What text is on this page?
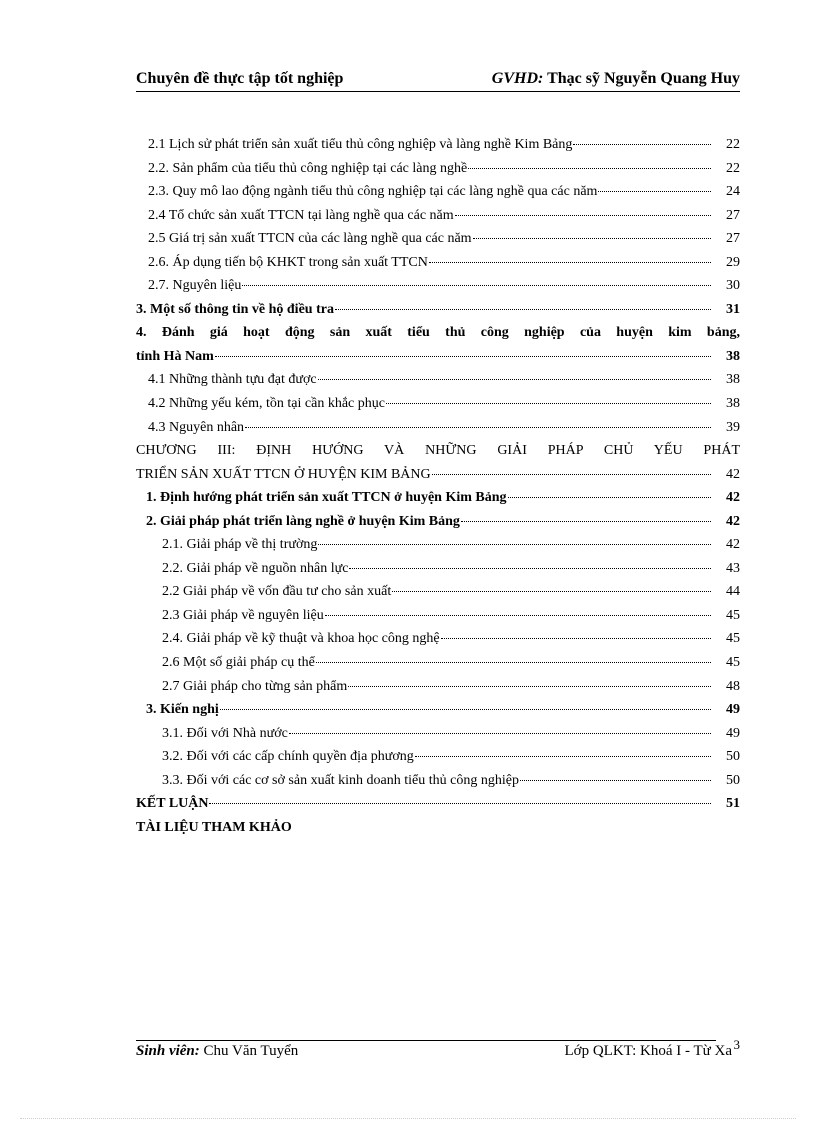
Chuyên đề thực tập tốt nghiệp	GVHD: Thạc sỹ Nguyễn Quang Huy
2.1 Lịch sử phát triển sản xuất tiểu thủ công nghiệp và làng nghề Kim Bảng	22
2.2. Sản phẩm của tiểu thủ công nghiệp tại các làng nghề	22
2.3. Quy mô lao động ngành tiểu thủ công nghiệp tại các làng nghề qua các năm	24
2.4 Tổ chức sản xuất TTCN tại làng nghề qua các năm	27
2.5 Giá trị sản xuất TTCN của các làng nghề qua các năm	27
2.6. Áp dụng tiến bộ KHKT trong sản xuất TTCN	29
2.7. Nguyên liệu	30
3. Một số thông tin về hộ điều tra	31
4. Đánh giá hoạt động sản xuất tiểu thủ công nghiệp của huyện kim bảng,
tỉnh Hà Nam	38
4.1 Những thành tựu đạt được	38
4.2 Những yếu kém, tồn tại cần khắc phục	38
4.3 Nguyên nhân	39
CHƯƠNG III: ĐỊNH HƯỚNG VÀ NHỮNG GIẢI PHÁP CHỦ YẾU PHÁT
TRIỂN SẢN XUẤT TTCN Ở HUYỆN KIM BẢNG	42
1. Định hướng phát triển sản xuất TTCN ở huyện Kim Bảng	42
2. Giải pháp phát triển làng nghề ở huyện Kim Bảng	42
2.1. Giải pháp về thị trường	42
2.2. Giải pháp về nguồn nhân lực	43
2.2 Giải pháp về vốn đầu tư cho sản xuất	44
2.3 Giải pháp về nguyên liệu	45
2.4. Giải pháp về kỹ thuật và khoa học công nghệ	45
2.6 Một số giải pháp cụ thể	45
2.7 Giải pháp cho từng sản phẩm	48
3. Kiến nghị	49
3.1. Đối với Nhà nước	49
3.2. Đối với các cấp chính quyền địa phương	50
3.3. Đối với các cơ sở sản xuất kinh doanh tiểu thủ công nghiệp	50
KẾT LUẬN	51
TÀI LIỆU THAM KHẢO
Sinh viên: Chu Văn Tuyển	Lớp QLKT: Khoá I - Từ Xa 3
